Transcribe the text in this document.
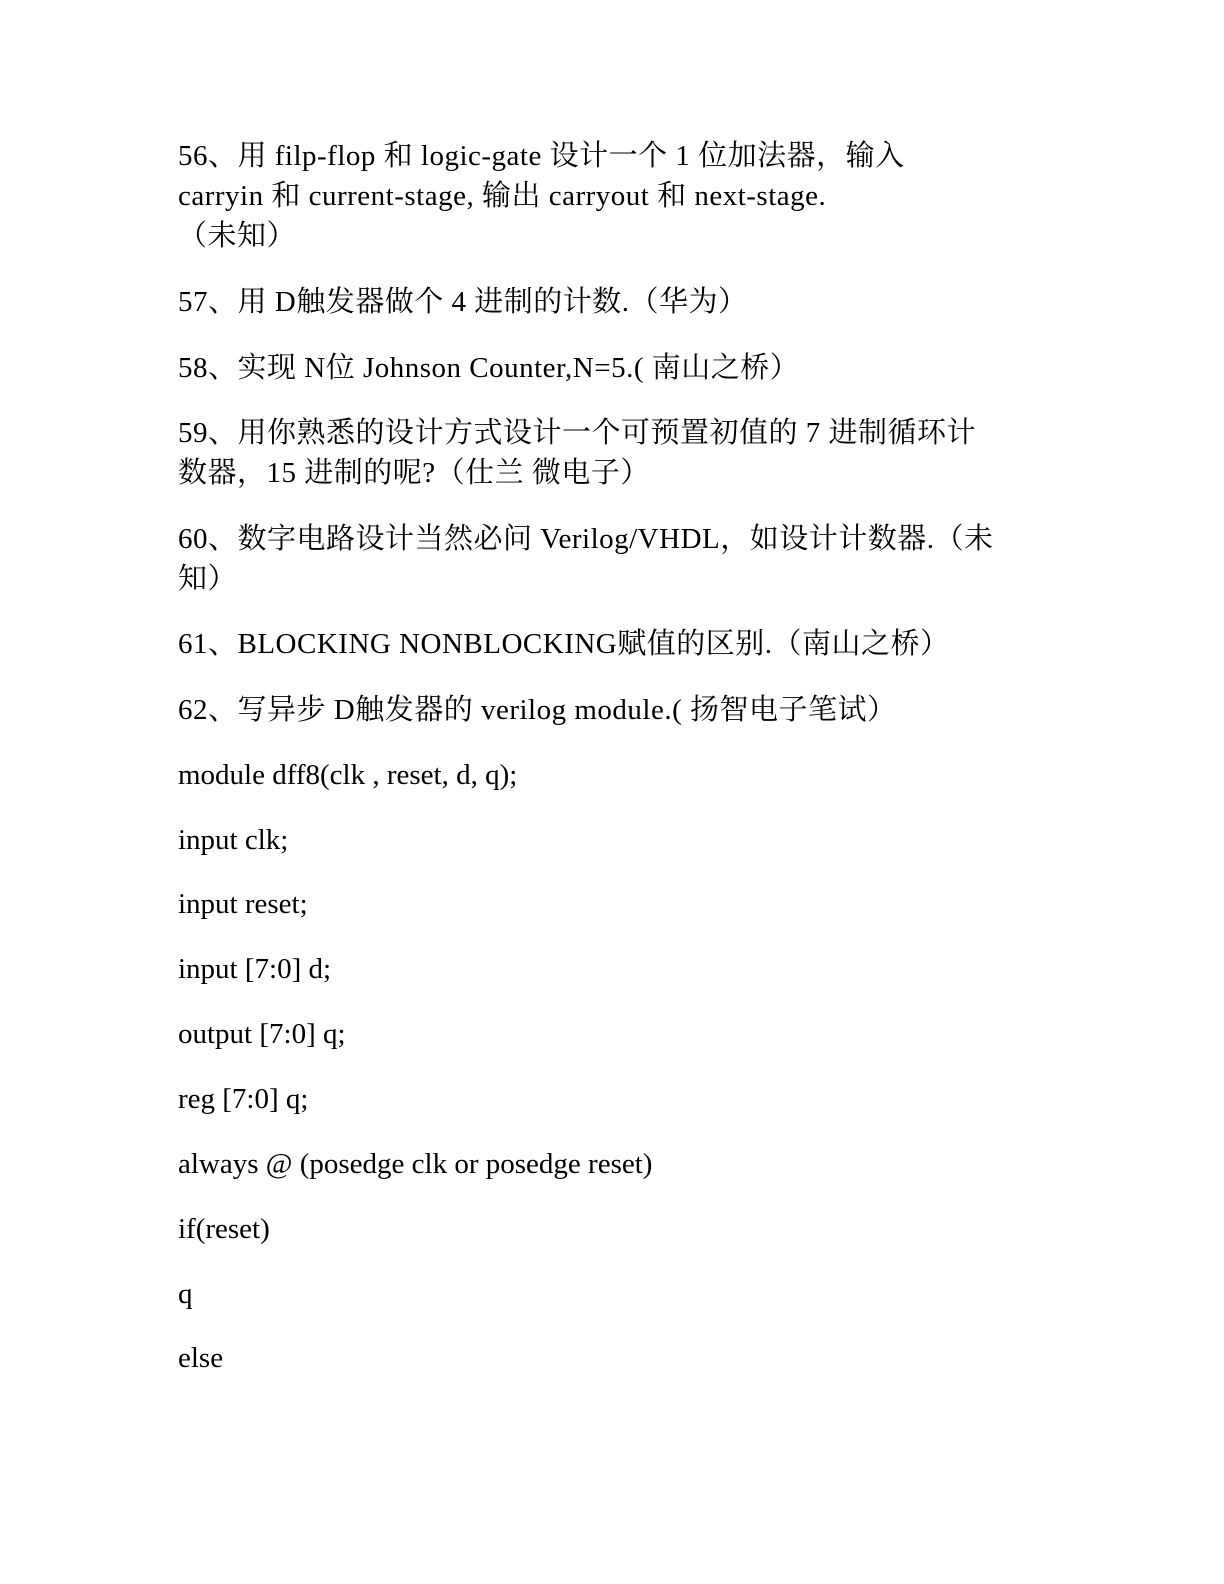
56、用 filp-flop 和 logic-gate 设计一个 1 位加法器，输入
carryin 和 current-stage, 输出 carryout 和 next-stage.
（未知）
57、用 D触发器做个 4 进制的计数.（华为）
58、实现 N位 Johnson Counter,N=5.( 南山之桥）
59、用你熟悉的设计方式设计一个可预置初值的 7 进制循环计
数器，15 进制的呢?（仕兰 微电子）
60、数字电路设计当然必问 Verilog/VHDL，如设计计数器.（未
知）
61、BLOCKING NONBLOCKING赋值的区别.（南山之桥）
62、写异步 D触发器的 verilog module.( 扬智电子笔试）
module dff8(clk , reset, d, q);
input clk;
input reset;
input [7:0] d;
output [7:0] q;
reg [7:0] q;
always @ (posedge clk or posedge reset)
if(reset)
q
else
